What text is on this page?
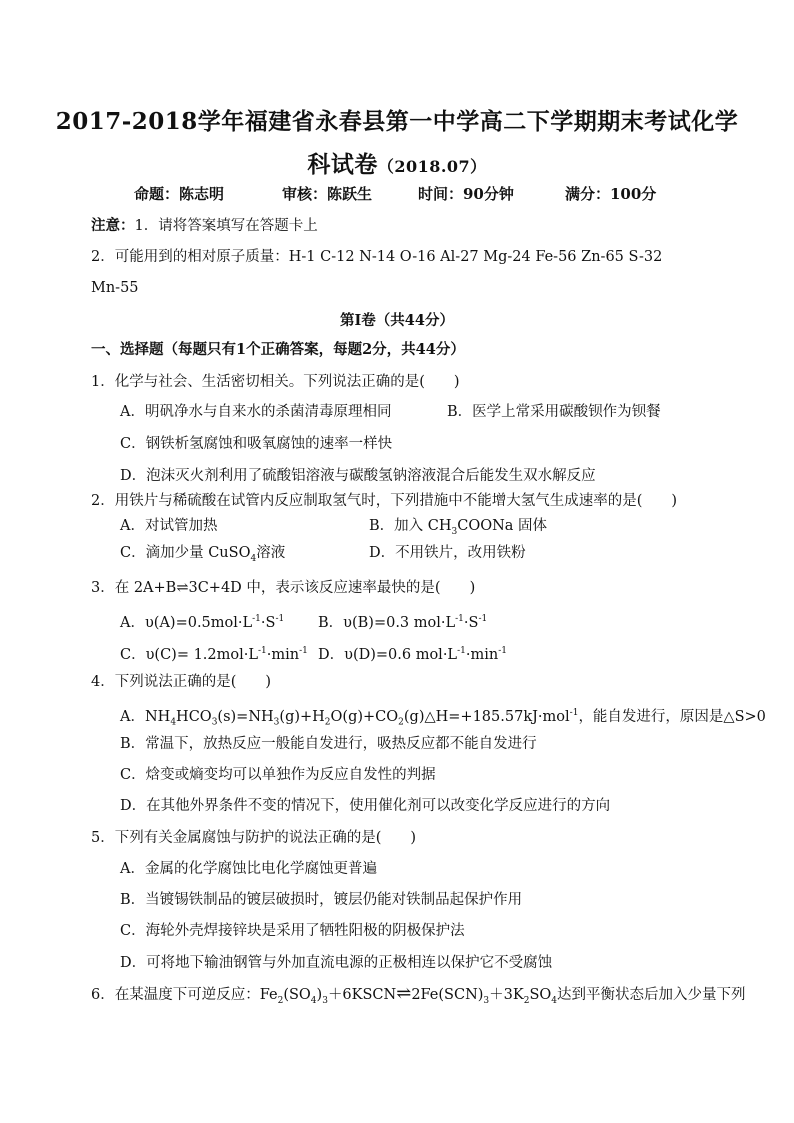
2017-2018学年福建省永春县第一中学高二下学期期末考试化学
科试卷（2018.07）
命题：陈志明	审核：陈跃生	时间：90分钟	满分：100分
注意：1．请将答案填写在答题卡上
2．可能用到的相对原子质量：H-1 C-12 N-14 O-16 Al-27 Mg-24 Fe-56 Zn-65 S-32
Mn-55
第Ⅰ卷（共44分）
一、选择题（每题只有1个正确答案，每题2分，共44分）
1．化学与社会、生活密切相关。下列说法正确的是(　　)
A．明矾净水与自来水的杀菌清毒原理相同	B．医学上常采用碳酸钡作为钡餐
C．钢铁析氢腐蚀和吸氧腐蚀的速率一样快
D．泡沫灭火剂利用了硫酸铝溶液与碳酸氢钠溶液混合后能发生双水解反应
2．用铁片与稀硫酸在试管内反应制取氢气时，下列措施中不能增大氢气生成速率的是(　　)
A．对试管加热	B．加入 $CH_3COONa$ 固体
C．滴加少量 CuSO$_4$溶液	D．不用铁片，改用铁粉
3．在 2A+B⇌3C+4D 中，表示该反应速率最快的是(　　)
A．$\upsilon(A)=0.5mol\cdot L^{-1}\cdot S^{-1}$ B．υ(B)=0.3 $mol\cdot L^{-1}\cdot S^{-1}$
C．$\upsilon(C)= 1.2mol\cdot L^{-1}\cdot\min^{-1}$ D．υ(D)=0.6 $mol\cdot L^{-1}\cdot\min^{-1}$
4．下列说法正确的是(　　)
A．$NH_4HCO_3(s)=NH_3(g)+H_2O(g)+CO_2(g)\triangle H=+185.57kJ\cdot mol^{-1}$，能自发进行，原因是△S>0
B．常温下，放热反应一般能自发进行，吸热反应都不能自发进行
C．焓变或熵变均可以单独作为反应自发性的判据
D．在其他外界条件不变的情况下，使用催化剂可以改变化学反应进行的方向
5．下列有关金属腐蚀与防护的说法正确的是(　　)
A．金属的化学腐蚀比电化学腐蚀更普遍
B．当镀锡铁制品的镀层破损时，镀层仍能对铁制品起保护作用
C．海轮外壳焊接锌块是采用了牺牲阳极的阴极保护法
D．可将地下输油钢管与外加直流电源的正极相连以保护它不受腐蚀
6．在某温度下可逆反应：$Fe_2(SO_4)_3+6KSCN\rightleftharpoons 2Fe(SCN)_3+3K_2SO_4$达到平衡状态后加入少量下列
